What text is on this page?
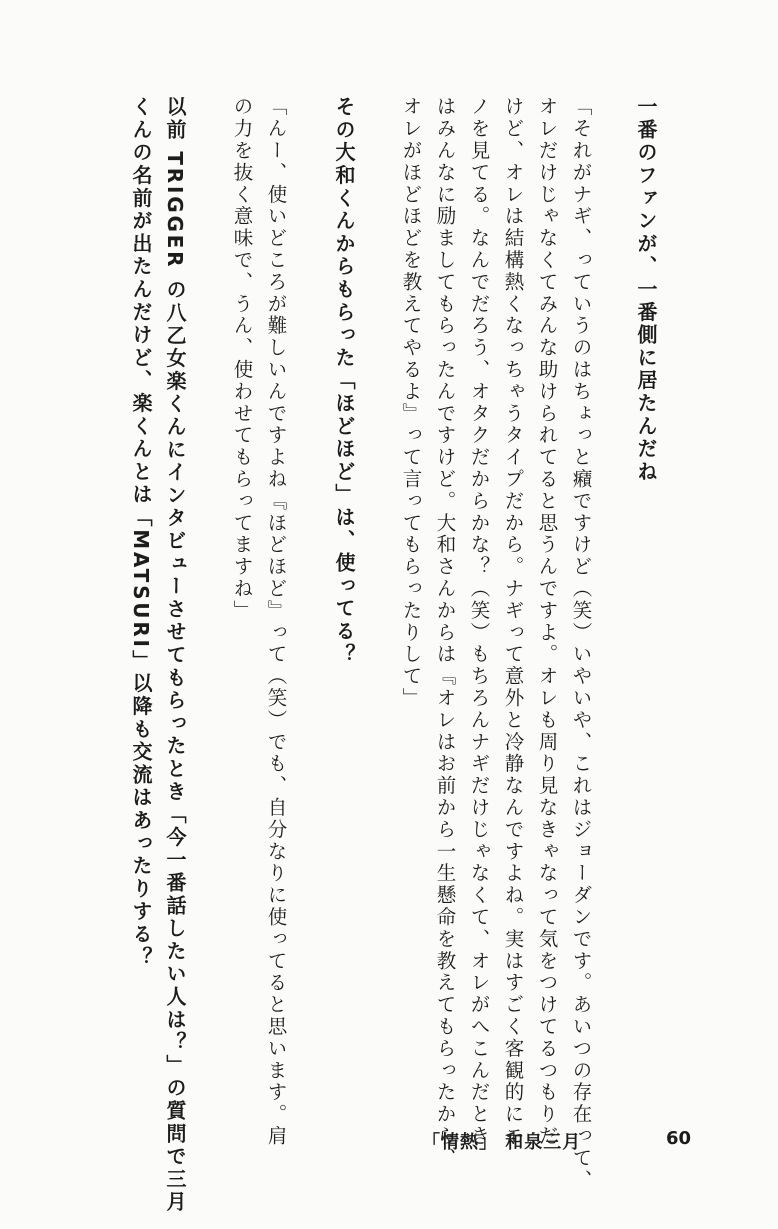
一番のファンが、一番側に居たんだね

「それがナギ、っていうのはちょっと癪ですけど（笑）いやいや、これはジョーダンです。あいつの存在って、

オレだけじゃなくてみんな助けられてると思うんですよ。オレも周り見なきゃなって気をつけてるつもりだ

けど、オレは結構熱くなっちゃうタイプだから。ナギって意外と冷静なんですよね。実はすごく客観的にモ

ノを見てる。なんでだろう、オタクだからかな？（笑）もちろんナギだけじゃなくて、オレがへこんだとき

はみんなに励ましてもらったんですけど。大和さんからは『オレはお前から一生懸命を教えてもらったから、

オレがほどほどを教えてやるよ』って言ってもらったりして」

その大和くんからもらった「ほどほど」は、使ってる？

「んー、使いどころが難しいんですよね『ほどほど』って（笑）でも、自分なりに使ってると思います。肩

の力を抜く意味で、うん、使わせてもらってますね」

以前 TRIGGER の八乙女楽くんにインタビューさせてもらったとき「今一番話したい人は？」の質問で三月

くんの名前が出たんだけど、楽くんとは「MATSURI」以降も交流はあったりする？

「情熱」 和泉三月	60
